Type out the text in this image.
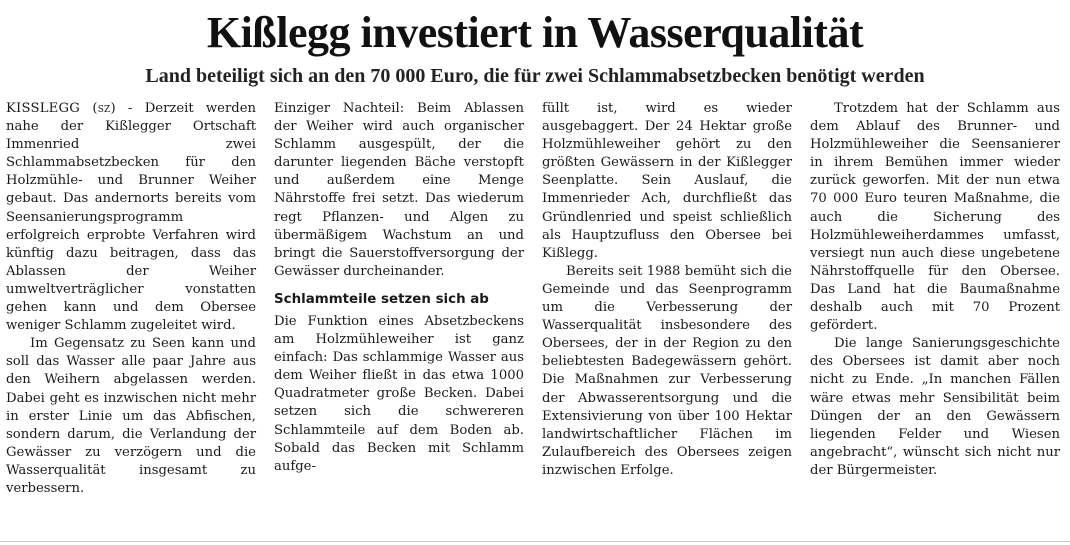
Kißlegg investiert in Wasserqualität
Land beteiligt sich an den 70 000 Euro, die für zwei Schlammabsetzbecken benötigt werden

KISSLEGG (sz) - Derzeit werden nahe der Kißlegger Ortschaft Immenried zwei Schlammabsetzbecken für den Holzmühle- und Brunner Weiher gebaut. Das andernorts bereits vom Seensanierungsprogramm erfolgreich erprobte Verfahren wird künftig dazu beitragen, dass das Ablassen der Weiher umweltverträglicher vonstatten gehen kann und dem Obersee weniger Schlamm zugeleitet wird.

Im Gegensatz zu Seen kann und soll das Wasser alle paar Jahre aus den Weihern abgelassen werden. Dabei geht es inzwischen nicht mehr in erster Linie um das Abfischen, sondern darum, die Verlandung der Gewässer zu verzögern und die Wasserqualität insgesamt zu verbessern.

Einziger Nachteil: Beim Ablassen der Weiher wird auch organischer Schlamm ausgespült, der die darunter liegenden Bäche verstopft und außerdem eine Menge Nährstoffe frei setzt. Das wiederum regt Pflanzen- und Algen zu übermäßigem Wachstum an und bringt die Sauerstoffversorgung der Gewässer durcheinander.

Schlammteile setzen sich ab

Die Funktion eines Absetzbeckens am Holzmühleweiher ist ganz einfach: Das schlammige Wasser aus dem Weiher fließt in das etwa 1000 Quadratmeter große Becken. Dabei setzen sich die schwereren Schlammteile auf dem Boden ab. Sobald das Becken mit Schlamm aufge-

füllt ist, wird es wieder ausgebaggert. Der 24 Hektar große Holzmühleweiher gehört zu den größten Gewässern in der Kißlegger Seenplatte. Sein Auslauf, die Immenrieder Ach, durchfließt das Gründlenried und speist schließlich als Hauptzufluss den Obersee bei Kißlegg.

Bereits seit 1988 bemüht sich die Gemeinde und das Seenprogramm um die Verbesserung der Wasserqualität insbesondere des Obersees, der in der Region zu den beliebtesten Badegewässern gehört. Die Maßnahmen zur Verbesserung der Abwasserentsorgung und die Extensivierung von über 100 Hektar landwirtschaftlicher Flächen im Zulaufbereich des Obersees zeigen inzwischen Erfolge.

Trotzdem hat der Schlamm aus dem Ablauf des Brunner- und Holzmühleweiher die Seensanierer in ihrem Bemühen immer wieder zurück geworfen. Mit der nun etwa 70 000 Euro teuren Maßnahme, die auch die Sicherung des Holzmühleweiherdammes umfasst, versiegt nun auch diese ungebetene Nährstoffquelle für den Obersee. Das Land hat die Baumaßnahme deshalb auch mit 70 Prozent gefördert.

Die lange Sanierungsgeschichte des Obersees ist damit aber noch nicht zu Ende. „In manchen Fällen wäre etwas mehr Sensibilität beim Düngen der an den Gewässern liegenden Felder und Wiesen angebracht“, wünscht sich nicht nur der Bürgermeister.
